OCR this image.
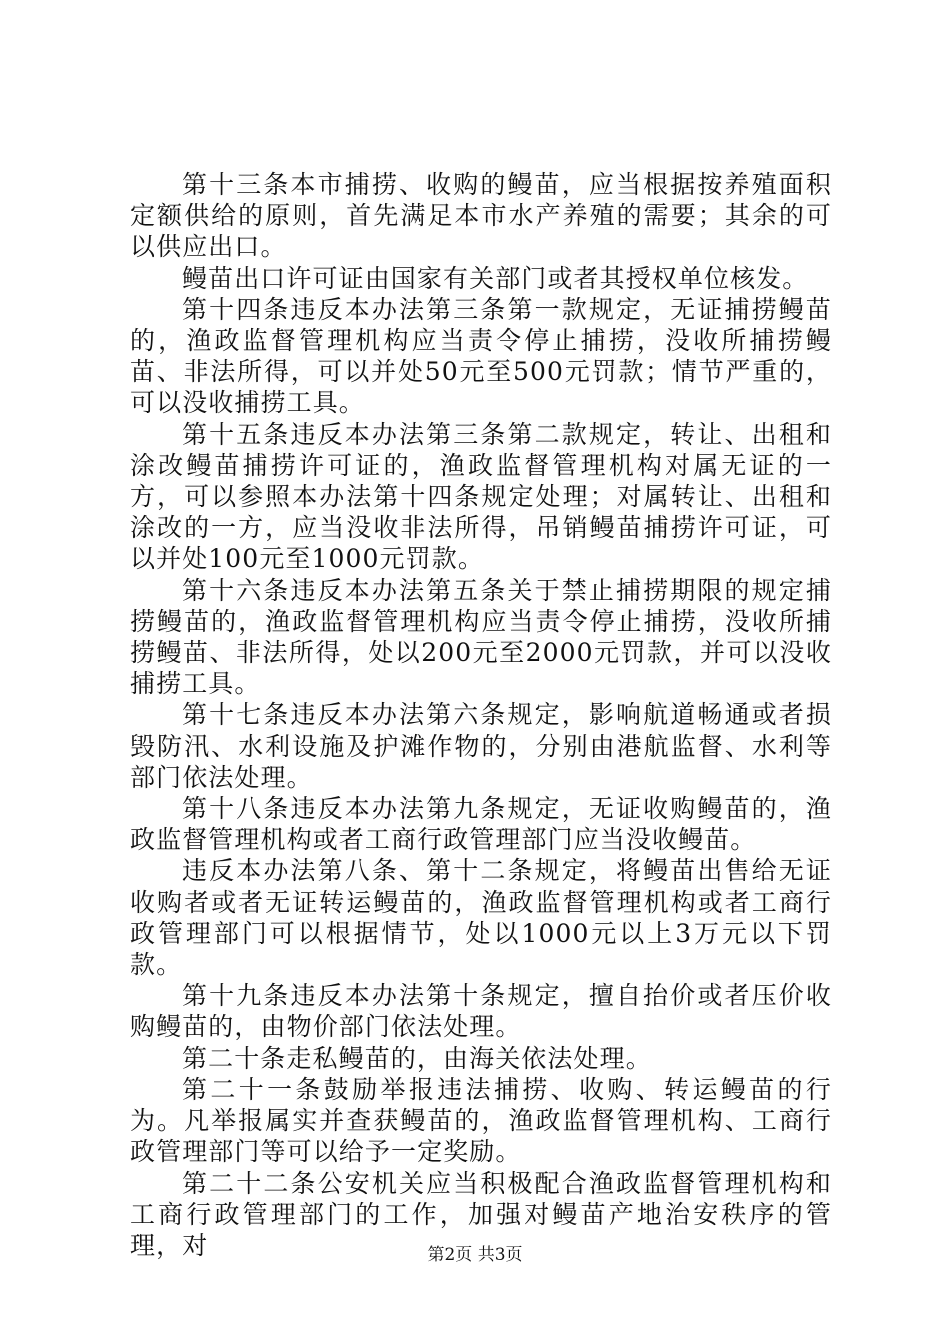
第十三条本市捕捞、收购的鳗苗，应当根据按养殖面积定额供给的原则，首先满足本市水产养殖的需要；其余的可以供应出口。

鳗苗出口许可证由国家有关部门或者其授权单位核发。

第十四条违反本办法第三条第一款规定，无证捕捞鳗苗的，渔政监督管理机构应当责令停止捕捞，没收所捕捞鳗苗、非法所得，可以并处50元至500元罚款；情节严重的，可以没收捕捞工具。

第十五条违反本办法第三条第二款规定，转让、出租和涂改鳗苗捕捞许可证的，渔政监督管理机构对属无证的一方，可以参照本办法第十四条规定处理；对属转让、出租和涂改的一方，应当没收非法所得，吊销鳗苗捕捞许可证，可以并处100元至1000元罚款。

第十六条违反本办法第五条关于禁止捕捞期限的规定捕捞鳗苗的，渔政监督管理机构应当责令停止捕捞，没收所捕捞鳗苗、非法所得，处以200元至2000元罚款，并可以没收捕捞工具。

第十七条违反本办法第六条规定，影响航道畅通或者损毁防汛、水利设施及护滩作物的，分别由港航监督、水利等部门依法处理。

第十八条违反本办法第九条规定，无证收购鳗苗的，渔政监督管理机构或者工商行政管理部门应当没收鳗苗。

违反本办法第八条、第十二条规定，将鳗苗出售给无证收购者或者无证转运鳗苗的，渔政监督管理机构或者工商行政管理部门可以根据情节，处以1000元以上3万元以下罚款。

第十九条违反本办法第十条规定，擅自抬价或者压价收购鳗苗的，由物价部门依法处理。

第二十条走私鳗苗的，由海关依法处理。

第二十一条鼓励举报违法捕捞、收购、转运鳗苗的行为。凡举报属实并查获鳗苗的，渔政监督管理机构、工商行政管理部门等可以给予一定奖励。

第二十二条公安机关应当积极配合渔政监督管理机构和工商行政管理部门的工作，加强对鳗苗产地治安秩序的管理，对	第2页 共3页
